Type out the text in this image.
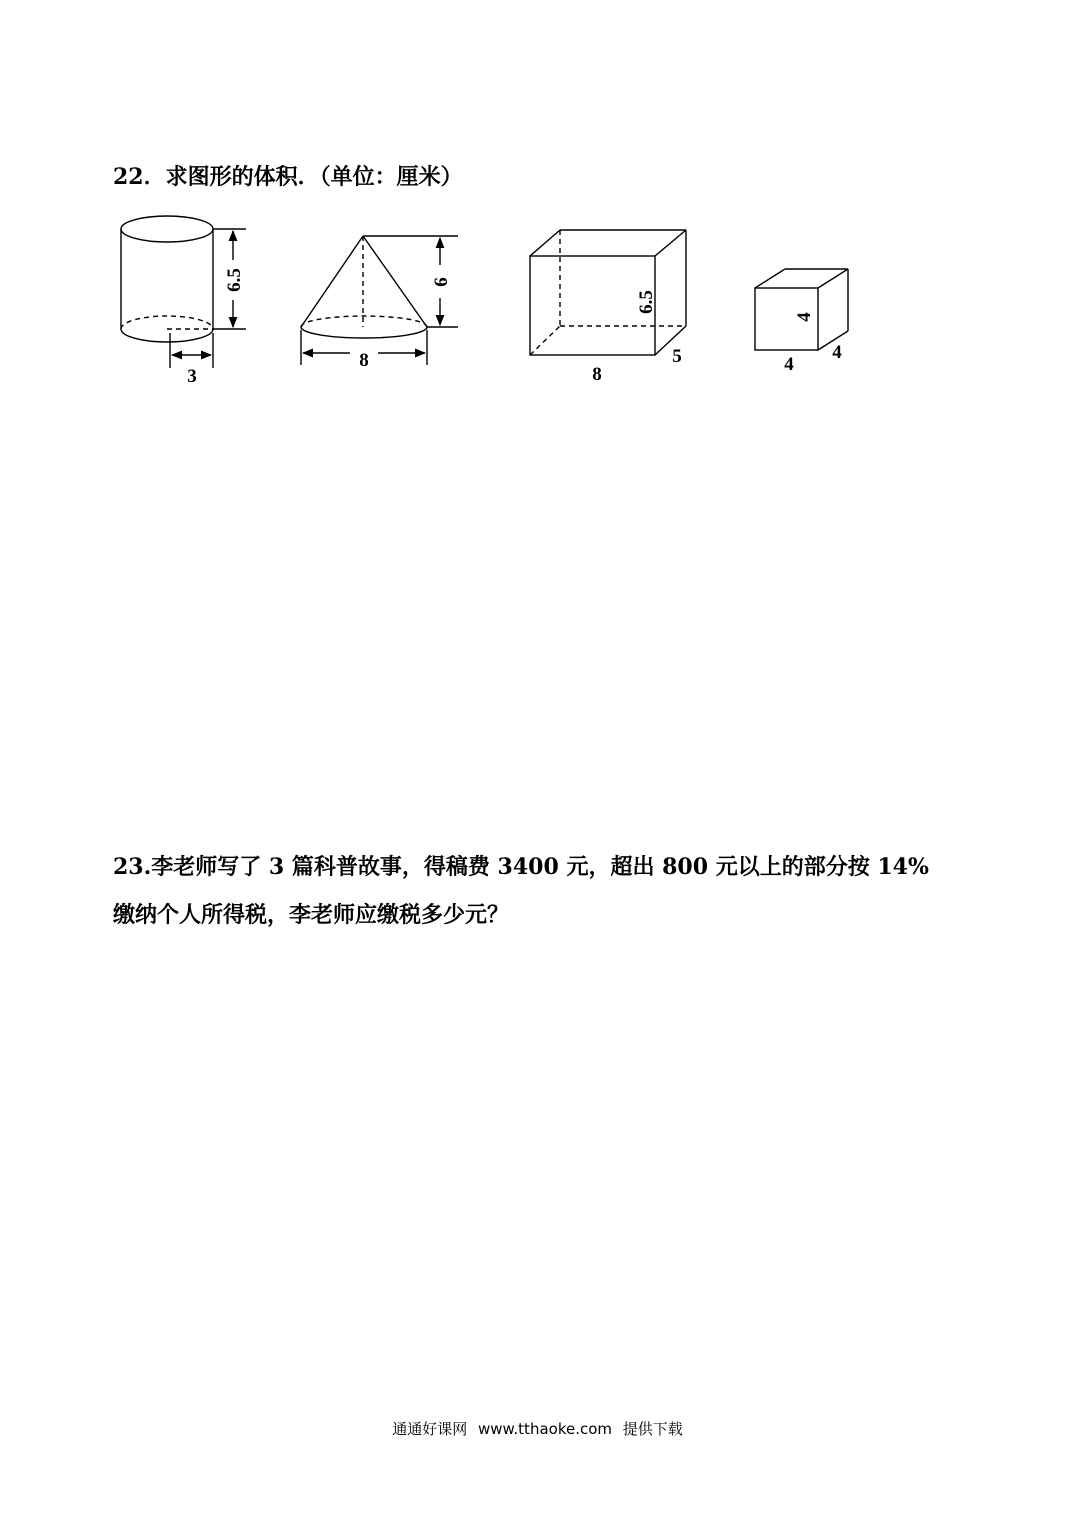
22．求图形的体积．（单位：厘米）
6.5
3
6
8
8
5
6.5
4
4
4
23.李老师写了 3 篇科普故事，得稿费 3400 元，超出 800 元以上的部分按 14%
缴纳个人所得税，李老师应缴税多少元？
通通好课网 www.tthaoke.com 提供下载
